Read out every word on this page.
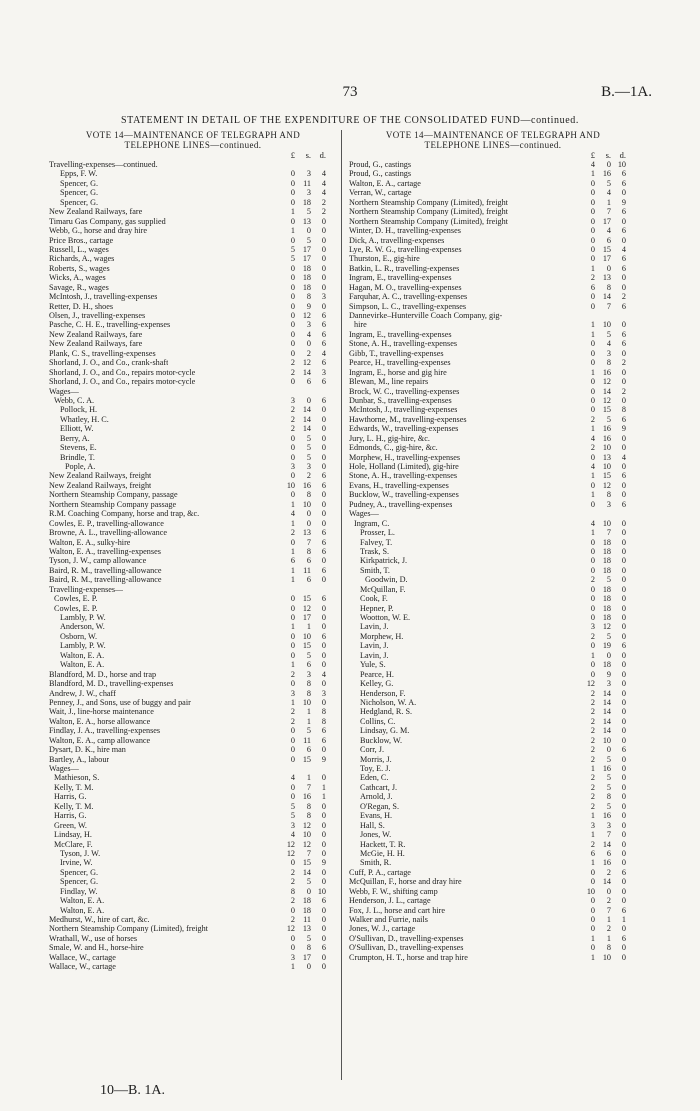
73	B.—1A.
STATEMENT IN DETAIL OF THE EXPENDITURE OF THE CONSOLIDATED FUND—continued.
VOTE 14—MAINTENANCE OF TELEGRAPH AND
TELEPHONE LINES—continued.
£	s.	d.
Travelling-expenses—continued.
Epps, F. W.	0	3	4
Spencer, G.	0 11	4
Spencer, G.	0	3	4
Spencer, G.	0 18	2
New Zealand Railways, fare	1	5	2
Timaru Gas Company, gas supplied	0 13	0
Webb, G., horse and dray hire	1	0	0
Price Bros., cartage	0	5	0
Russell, L., wages	5 17	0
Richards, A., wages	5 17	0
Roberts, S., wages	0 18	0
Wicks, A., wages	0 18	0
Savage, R., wages	0 18	0
McIntosh, J., travelling-expenses	0	8	3
Retter, D. H., shoes	0	9	0
Olsen, J., travelling-expenses	0 12	6
Pasche, C. H. E., travelling-expenses	0	3	6
New Zealand Railways, fare	0	4	6
New Zealand Railways, fare	0	0	6
Plank, C. S., travelling-expenses	0	2	4
Shorland, J. O., and Co., crank-shaft	2 12	6
Shorland, J. O., and Co., repairs motor-cycle	2 14	3
Shorland, J. O., and Co., repairs motor-cycle	0	6	6
Wages—
Webb, C. A.	3	0	6
Pollock, H.	2 14	0
Whatley, H. C.	2 14	0
Elliott, W.	2 14	0
Berry, A.	0	5	0
Stevens, E.	0	5	0
Brindle, T.	0	5	0
Pople, A.	3	3	0
New Zealand Railways, freight	0	2	6
New Zealand Railways, freight	10 16	6
Northern Steamship Company, passage	0	8	0
Northern Steamship Company passage	1 10	0
R.M. Coaching Company, horse and trap, &c.	4	0	0
Cowles, E. P., travelling-allowance	1	0	0
Browne, A. L., travelling-allowance	2 13	6
Walton, E. A., sulky-hire	0	7	6
Walton, E. A., travelling-expenses	1	8	6
Tyson, J. W., camp allowance	6	6	0
Baird, R. M., travelling-allowance	1 11	6
Baird, R. M., travelling-allowance	1	6	0
Travelling-expenses—
Cowles, E. P.	0 15	6
Cowles, E. P.	0 12	0
Lambly, P. W.	0 17	0
Anderson, W.	1	1	0
Osborn, W.	0 10	6
Lambly, P. W.	0 15	0
Walton, E. A.	0	5	0
Walton, E. A.	1	6	0
Blandford, M. D., horse and trap	2	3	4
Blandford, M. D., travelling-expenses	0	8	0
Andrew, J. W., chaff	3	8	3
Penney, J., and Sons, use of buggy and pair	1 10	0
Wait, J., line-horse maintenance	2	1	8
Walton, E. A., horse allowance	2	1	8
Findlay, J. A., travelling-expenses	0	5	6
Walton, E. A., camp allowance	0 11	6
Dysart, D. K., hire man	0	6	0
Bartley, A., labour	0 15	9
Wages—
Mathieson, S.	4	1	0
Kelly, T. M.	0	7	1
Harris, G.	0 16	1
Kelly, T. M.	5	8	0
Harris, G.	5	8	0
Green, W.	3 12	0
Lindsay, H.	4 10	0
McClare, F.	12 12	0
Tyson, J. W.	12	7	0
Irvine, W.	0 15	9
Spencer, G.	2 14	0
Spencer, G.	2	5	0
Findlay, W.	8	0 10
Walton, E. A.	2 18	6
Walton, E. A.	0 18	0
Medhurst, W., hire of cart, &c.	2 11	0
Northern Steamship Company (Limited), freight	12 13	0
Wrathall, W., use of horses	0	5	0
Smale, W. and H., horse-hire	0	8	6
Wallace, W., cartage	3 17	0
Wallace, W., cartage	1	0	0
VOTE 14—MAINTENANCE OF TELEGRAPH AND
TELEPHONE LINES—continued.
£	s.	d.
Proud, G., castings	4	0 10
Proud, G., castings	1 16	6
Walton, E. A., cartage	0	5	6
Verran, W., cartage	0	4	0
Northern Steamship Company (Limited), freight	0	1	9
Northern Steamship Company (Limited), freight	0	7	6
Northern Steamship Company (Limited), freight	0 17	0
Winter, D. H., travelling-expenses	0	4	6
Dick, A., travelling-expenses	0	6	0
Lye, R. W. G., travelling-expenses	0 15	4
Thurston, E., gig-hire	0 17	6
Batkin, L. R., travelling-expenses	1	0	6
Ingram, E., travelling-expenses	2 13	0
Hagan, M. O., travelling-expenses	6	8	0
Farquhar, A. C., travelling-expenses	0 14	2
Simpson, L. C., travelling-expenses	0	7	6
Dannevirke–Hunterville Coach Company, gig-
hire	1 10	0
Ingram, E., travelling-expenses	1	5	6
Stone, A. H., travelling-expenses	0	4	6
Gibb, T., travelling-expenses	0	3	0
Pearce, H., travelling-expenses	0	8	2
Ingram, E., horse and gig hire	1 16	0
Blewan, M., line repairs	0 12	0
Brock, W. C., travelling-expenses	0 14	2
Dunbar, S., travelling-expenses	0 12	0
McIntosh, J., travelling-expenses	0 15	8
Hawthorne, M., travelling-expenses	2	5	6
Edwards, W., travelling-expenses	1 16	9
Jury, L. H., gig-hire, &c.	4 16	0
Edmonds, C., gig-hire, &c.	2 10	0
Morphew, H., travelling-expenses	0 13	4
Hole, Holland (Limited), gig-hire	4 10	0
Stone, A. H., travelling-expenses	1 15	6
Evans, H., travelling-expenses	0 12	0
Bucklow, W., travelling-expenses	1	8	0
Pudney, A., travelling-expenses	0	3	6
Wages—
Ingram, C.	4 10	0
Prosser, L.	1	7	0
Falvey, T.	0 18	0
Trask, S.	0 18	0
Kirkpatrick, J.	0 18	0
Smith, T.	0 18	0
Goodwin, D.	2	5	0
McQuillan, F.	0 18	0
Cook, F.	0 18	0
Hepner, P.	0 18	0
Wootton, W. E.	0 18	0
Lavin, J.	3 12	0
Morphew, H.	2	5	0
Lavin, J.	0 19	6
Lavin, J.	1	0	0
Yule, S.	0 18	0
Pearce, H.	0	9	0
Kelley, G.	12	3	0
Henderson, F.	2 14	0
Nicholson, W. A.	2 14	0
Hedgland, R. S.	2 14	0
Collins, C.	2 14	0
Lindsay, G. M.	2 14	0
Bucklow, W.	2 10	0
Corr, J.	2	0	6
Morris, J.	2	5	0
Toy, E. J.	1 16	0
Eden, C.	2	5	0
Cathcart, J.	2	5	0
Arnold, J.	2	8	0
O'Regan, S.	2	5	0
Evans, H.	1 16	0
Hall, S.	3	3	0
Jones, W.	1	7	0
Hackett, T. R.	2 14	0
McGie, H. H.	6	6	0
Smith, R.	1 16	0
Cuff, P. A., cartage	0	2	6
McQuillan, F., horse and dray hire	0 14	0
Webb, F. W., shifting camp	10	0	0
Henderson, J. L., cartage	0	2	0
Fox, J. L., horse and cart hire	0	7	6
Walker and Furrie, nails	0	1	1
Jones, W. J., cartage	0	2	0
O'Sullivan, D., travelling-expenses	1	1	6
O'Sullivan, D., travelling-expenses	0	8	0
Crumpton, H. T., horse and trap hire	1 10	0
10—B. 1A.
